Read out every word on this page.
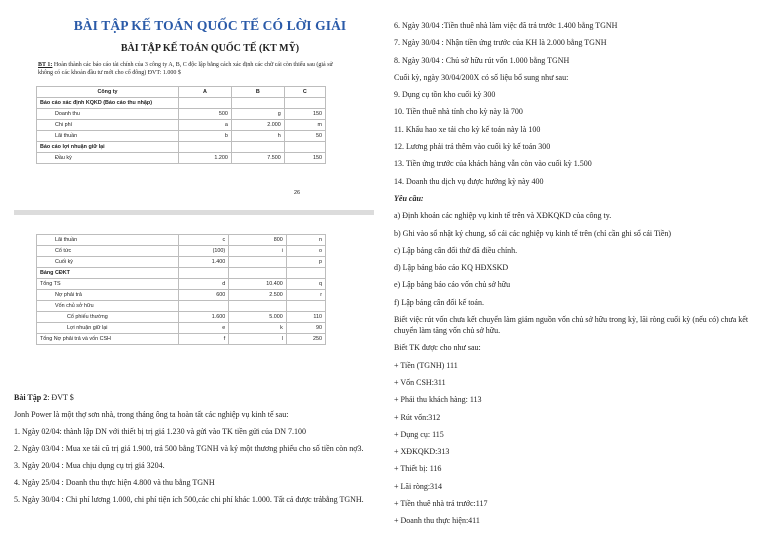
BÀI TẬP KẾ TOÁN QUỐC TẾ CÓ LỜI GIẢI
BÀI TẬP KẾ TOÁN QUỐC TẾ (KT MỸ)
BT 1: Hoàn thành các báo cáo tài chính của 3 công ty A, B, C độc lập bằng cách xác định các chữ cái còn thiếu sau (giả sử không có các khoản đầu tư mới cho cổ đông) ĐVT: 1.000 $
Công ty	A	B	C
Báo cáo xác định KQKD (Báo cáo thu nhập)			
Doanh thu	500	g	150
Chi phí	a	2.000	m
Lãi thuần	b	h	50
Báo cáo lợi nhuận giữ lại			
Đầu kỳ	1.200	7.500	150
26
Lãi thuần	c	800	n
Cổ tức	(100)	i	o
Cuối kỳ	1.400		p
Bảng CĐKT			
Tổng TS	d	10.400	q
Nợ phải trả	600	2.500	r
Vốn chủ sở hữu			
Cổ phiếu thường	1.600	5.000	110
Lợi nhuận giữ lại	e	k	90
Tổng Nợ phải trả và vốn CSH	f	l	250

Bài Tập 2: ĐVT $

Jonh Power là một thợ sơn nhà, trong tháng ông ta hoàn tất các nghiệp vụ kinh tế sau:

1. Ngày 02/04: thành lập DN với thiết bị trị giá 1.230 và gửi vào TK tiền gửi của DN 7.100

2. Ngày 03/04 : Mua xe tải cũ trị giá 1.900, trả 500 bằng TGNH và ký một thương phiếu cho số tiền còn nợ3.

3. Ngày 20/04 : Mua chịu dụng cụ trị giá 3204.

4. Ngày 25/04 : Doanh thu thực hiện 4.800 và thu bằng TGNH

5. Ngày 30/04 : Chi phí lương 1.000, chi phí tiện ích 500,các chi phí khác 1.000. Tất cả được trảbằng TGNH.

6. Ngày 30/04 :Tiền thuê nhà làm việc đã trả trước 1.400 bằng TGNH

7. Ngày 30/04 : Nhận tiền ứng trước của KH là 2.000 bằng TGNH

8. Ngày 30/04 : Chủ sở hữu rút vốn 1.000 bằng TGNH

Cuối kỳ, ngày 30/04/200X có số liệu bổ sung như sau:

9. Dụng cụ tồn kho cuối kỳ 300

10. Tiền thuê nhà tính cho kỳ này là 700

11. Khấu hao xe tải cho kỳ kế toán này là 100

12. Lương phải trả thêm vào cuối kỳ kế toán 300

13. Tiền ứng trước của khách hàng vẫn còn vào cuối kỳ 1.500

14. Doanh thu dịch vụ được hưởng kỳ này 400

Yêu cầu:

a) Định khoản các nghiệp vụ kinh tế trên và XĐKQKD của công ty.

b) Ghi vào sổ nhật ký chung, sổ cái các nghiệp vụ kinh tế trên (chỉ cần ghi sổ cái Tiền)

c) Lập bảng cân đối thử đã điều chỉnh.

d) Lập bảng báo cáo KQ HĐXSKD

e) Lập bảng báo cáo vốn chủ sở hữu

f) Lập bảng cân đối kế toán.

Biết việc rút vốn chưa kết chuyển làm giảm nguồn vốn chủ sở hữu trong kỳ, lãi ròng cuối kỳ (nếu có) chưa kết chuyển làm tăng vốn chủ sở hữu.

Biết TK được cho như sau:

+ Tiền (TGNH) 111

+ Vốn CSH:311

+ Phải thu khách hàng: 113

+ Rút vốn:312

+ Dụng cụ: 115

+ XĐKQKD:313

+ Thiết bị: 116

+ Lãi ròng:314

+ Tiền thuê nhà trả trước:117

+ Doanh thu thực hiện:411
